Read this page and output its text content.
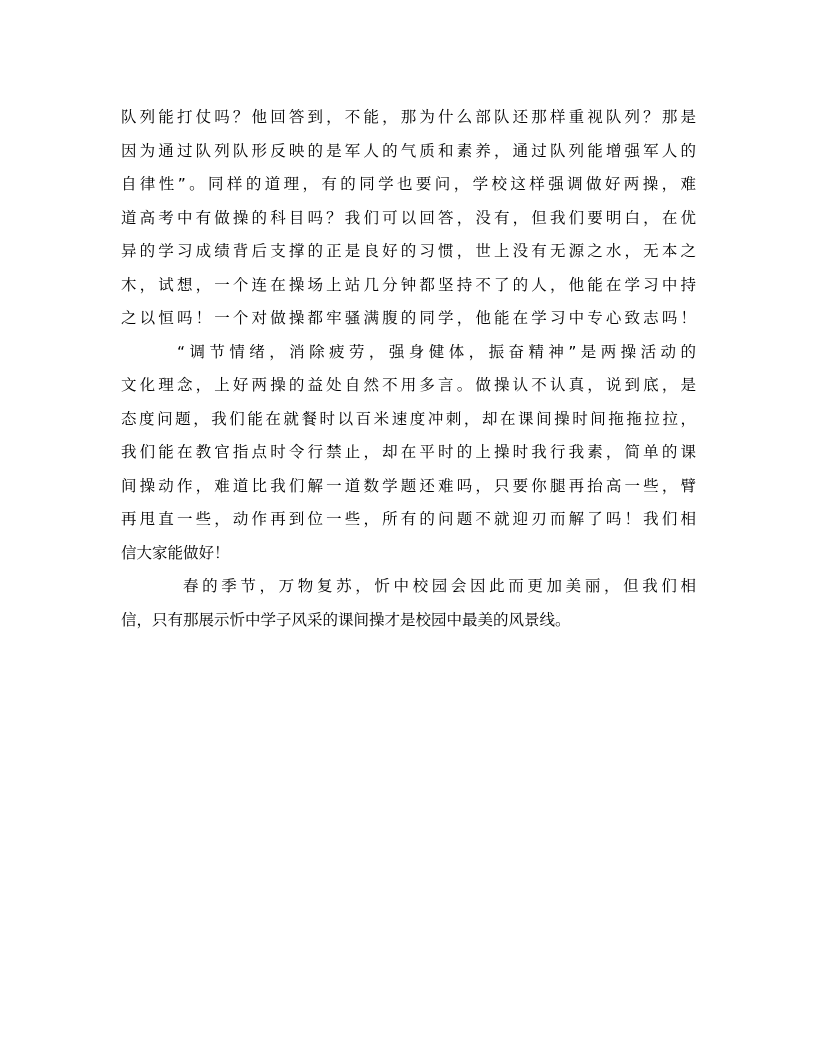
队列能打仗吗？他回答到，不能，那为什么部队还那样重视队列？那是
因为通过队列队形反映的是军人的气质和素养，通过队列能增强军人的
自律性”。同样的道理，有的同学也要问，学校这样强调做好两操，难
道高考中有做操的科目吗？我们可以回答，没有，但我们要明白，在优
异的学习成绩背后支撑的正是良好的习惯，世上没有无源之水，无本之
木，试想，一个连在操场上站几分钟都坚持不了的人，他能在学习中持
之以恒吗！一个对做操都牢骚满腹的同学，他能在学习中专心致志吗！
“调节情绪，消除疲劳，强身健体，振奋精神”是两操活动的
文化理念，上好两操的益处自然不用多言。做操认不认真，说到底，是
态度问题，我们能在就餐时以百米速度冲刺，却在课间操时间拖拖拉拉，
我们能在教官指点时令行禁止，却在平时的上操时我行我素，简单的课
间操动作，难道比我们解一道数学题还难吗，只要你腿再抬高一些，臂
再甩直一些，动作再到位一些，所有的问题不就迎刃而解了吗！我们相
信大家能做好！
春的季节，万物复苏，忻中校园会因此而更加美丽，但我们相
信，只有那展示忻中学子风采的课间操才是校园中最美的风景线。
